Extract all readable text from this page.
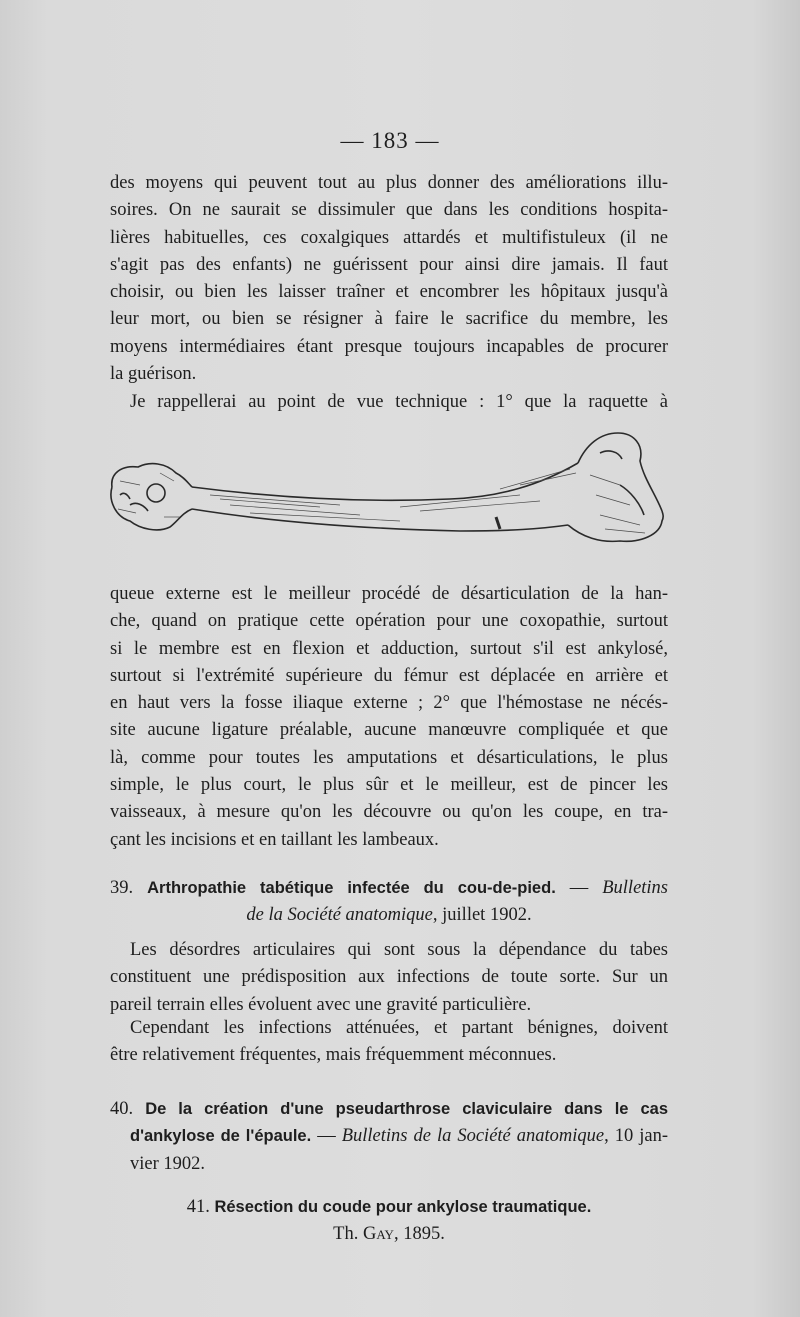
— 183 —
des moyens qui peuvent tout au plus donner des améliorations illu-
soires. On ne saurait se dissimuler que dans les conditions hospita-
lières habituelles, ces coxalgiques attardés et multifistuleux (il ne
s'agit pas des enfants) ne guérissent pour ainsi dire jamais. Il faut
choisir, ou bien les laisser traîner et encombrer les hôpitaux jusqu'à
leur mort, ou bien se résigner à faire le sacrifice du membre, les
moyens intermédiaires étant presque toujours incapables de procurer
la guérison.
Je rappellerai au point de vue technique : 1° que la raquette à
queue externe est le meilleur procédé de désarticulation de la han-
che, quand on pratique cette opération pour une coxopathie, surtout
si le membre est en flexion et adduction, surtout s'il est ankylosé,
surtout si l'extrémité supérieure du fémur est déplacée en arrière et
en haut vers la fosse iliaque externe ; 2° que l'hémostase ne nécés-
site aucune ligature préalable, aucune manœuvre compliquée et que
là, comme pour toutes les amputations et désarticulations, le plus
simple, le plus court, le plus sûr et le meilleur, est de pincer les
vaisseaux, à mesure qu'on les découvre ou qu'on les coupe, en tra-
çant les incisions et en taillant les lambeaux.
39. Arthropathie tabétique infectée du cou-de-pied. — Bulletins
de la Société anatomique, juillet 1902.
Les désordres articulaires qui sont sous la dépendance du tabes
constituent une prédisposition aux infections de toute sorte. Sur un
pareil terrain elles évoluent avec une gravité particulière.
Cependant les infections atténuées, et partant bénignes, doivent
être relativement fréquentes, mais fréquemment méconnues.
40. De la création d'une pseudarthrose claviculaire dans le cas
d'ankylose de l'épaule. — Bulletins de la Société anatomique, 10 jan-
vier 1902.
41. Résection du coude pour ankylose traumatique.
Th. Gay, 1895.
